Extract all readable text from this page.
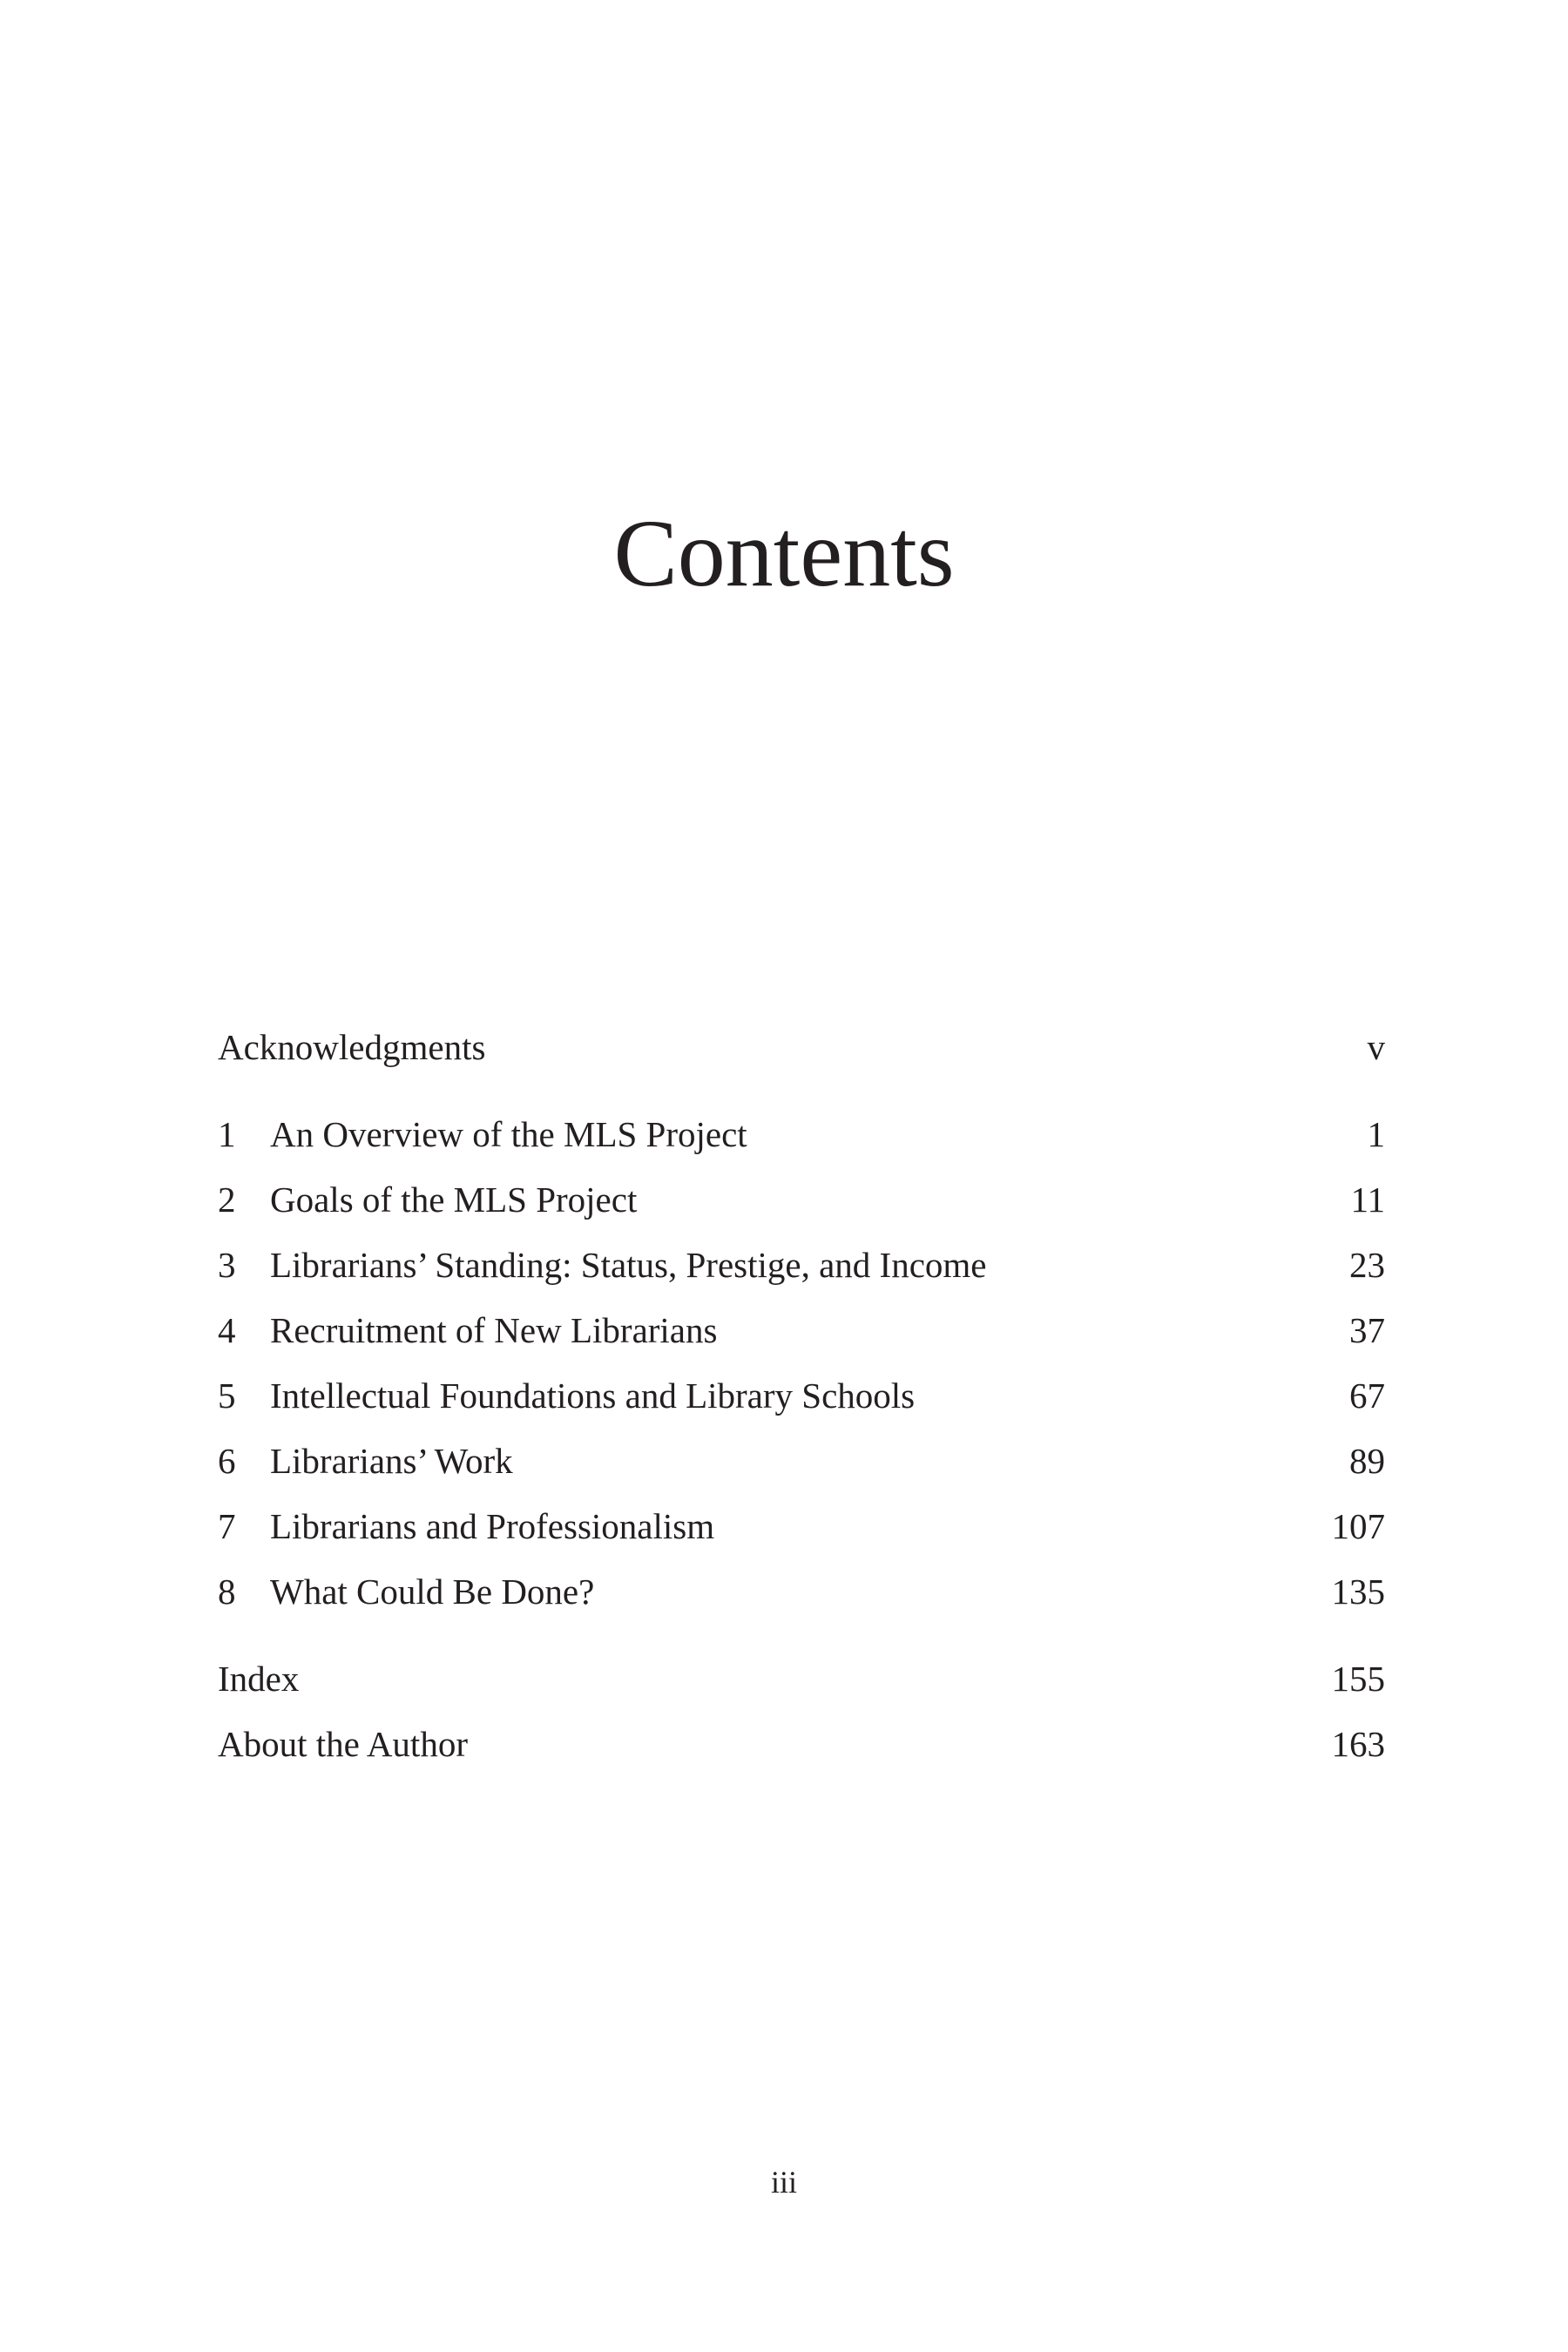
Contents
Acknowledgments	v
1 An Overview of the MLS Project	1
2 Goals of the MLS Project	11
3 Librarians’ Standing: Status, Prestige, and Income	23
4 Recruitment of New Librarians	37
5 Intellectual Foundations and Library Schools	67
6 Librarians’ Work	89
7 Librarians and Professionalism	107
8 What Could Be Done?	135
Index	155
About the Author	163
iii
